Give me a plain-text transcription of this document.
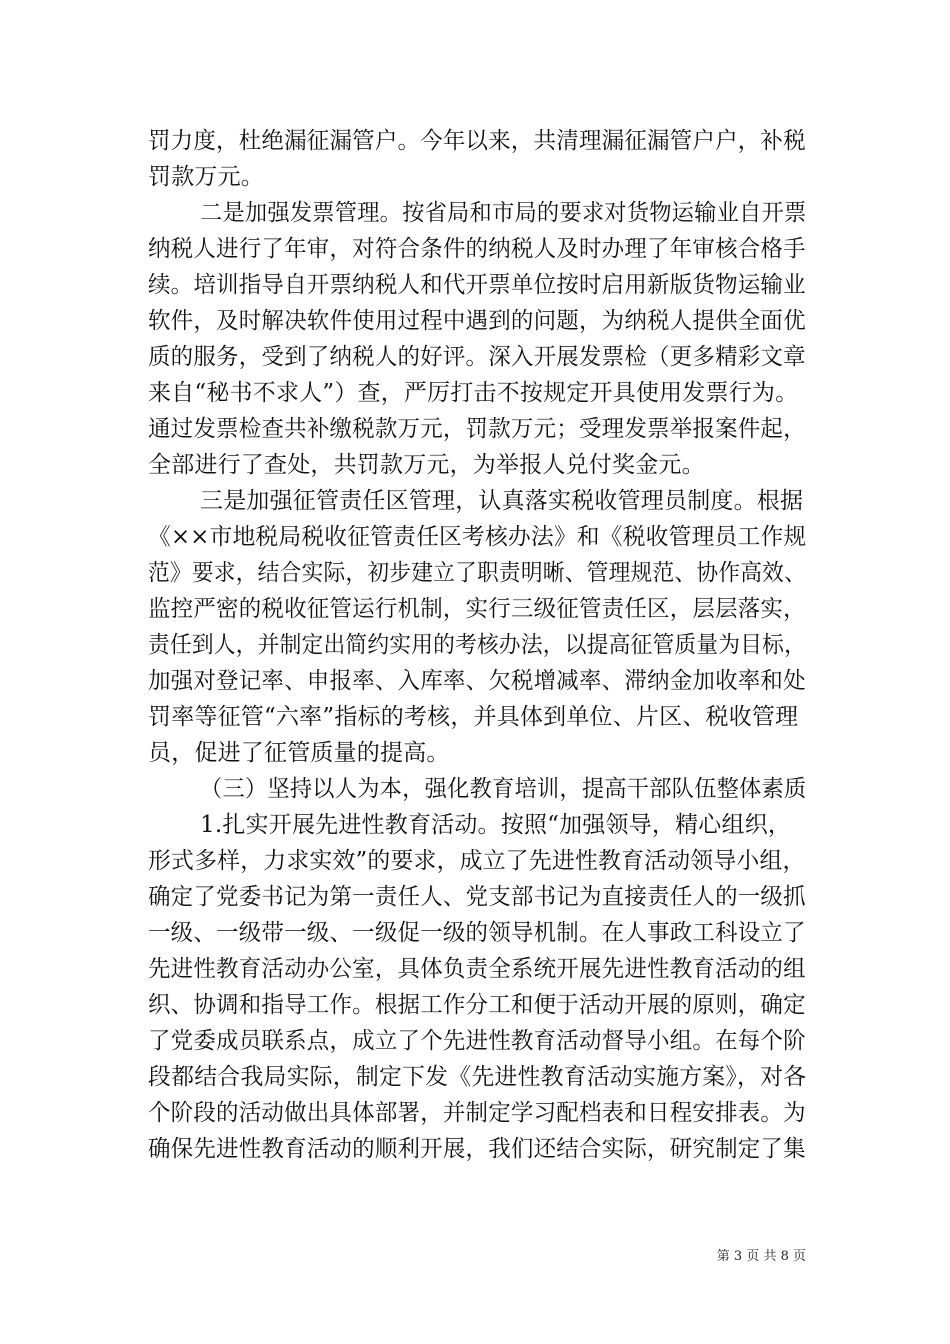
罚力度，杜绝漏征漏管户。今年以来，共清理漏征漏管户户，补税
罚款万元。
二是加强发票管理。按省局和市局的要求对货物运输业自开票
纳税人进行了年审，对符合条件的纳税人及时办理了年审核合格手
续。培训指导自开票纳税人和代开票单位按时启用新版货物运输业
软件，及时解决软件使用过程中遇到的问题，为纳税人提供全面优
质的服务，受到了纳税人的好评。深入开展发票检（更多精彩文章
来自“秘书不求人”）查，严厉打击不按规定开具使用发票行为。
通过发票检查共补缴税款万元，罚款万元；受理发票举报案件起，
全部进行了查处，共罚款万元，为举报人兑付奖金元。
三是加强征管责任区管理，认真落实税收管理员制度。根据
《××市地税局税收征管责任区考核办法》和《税收管理员工作规
范》要求，结合实际，初步建立了职责明晰、管理规范、协作高效、
监控严密的税收征管运行机制，实行三级征管责任区，层层落实，
责任到人，并制定出简约实用的考核办法，以提高征管质量为目标，
加强对登记率、申报率、入库率、欠税增减率、滞纳金加收率和处
罚率等征管“六率”指标的考核，并具体到单位、片区、税收管理
员，促进了征管质量的提高。
（三）坚持以人为本，强化教育培训，提高干部队伍整体素质
1.扎实开展先进性教育活动。按照“加强领导，精心组织，
形式多样，力求实效”的要求，成立了先进性教育活动领导小组，
确定了党委书记为第一责任人、党支部书记为直接责任人的一级抓
一级、一级带一级、一级促一级的领导机制。在人事政工科设立了
先进性教育活动办公室，具体负责全系统开展先进性教育活动的组
织、协调和指导工作。根据工作分工和便于活动开展的原则，确定
了党委成员联系点，成立了个先进性教育活动督导小组。在每个阶
段都结合我局实际，制定下发《先进性教育活动实施方案》，对各
个阶段的活动做出具体部署，并制定学习配档表和日程安排表。为
确保先进性教育活动的顺利开展，我们还结合实际，研究制定了集
第 3 页 共 8 页
